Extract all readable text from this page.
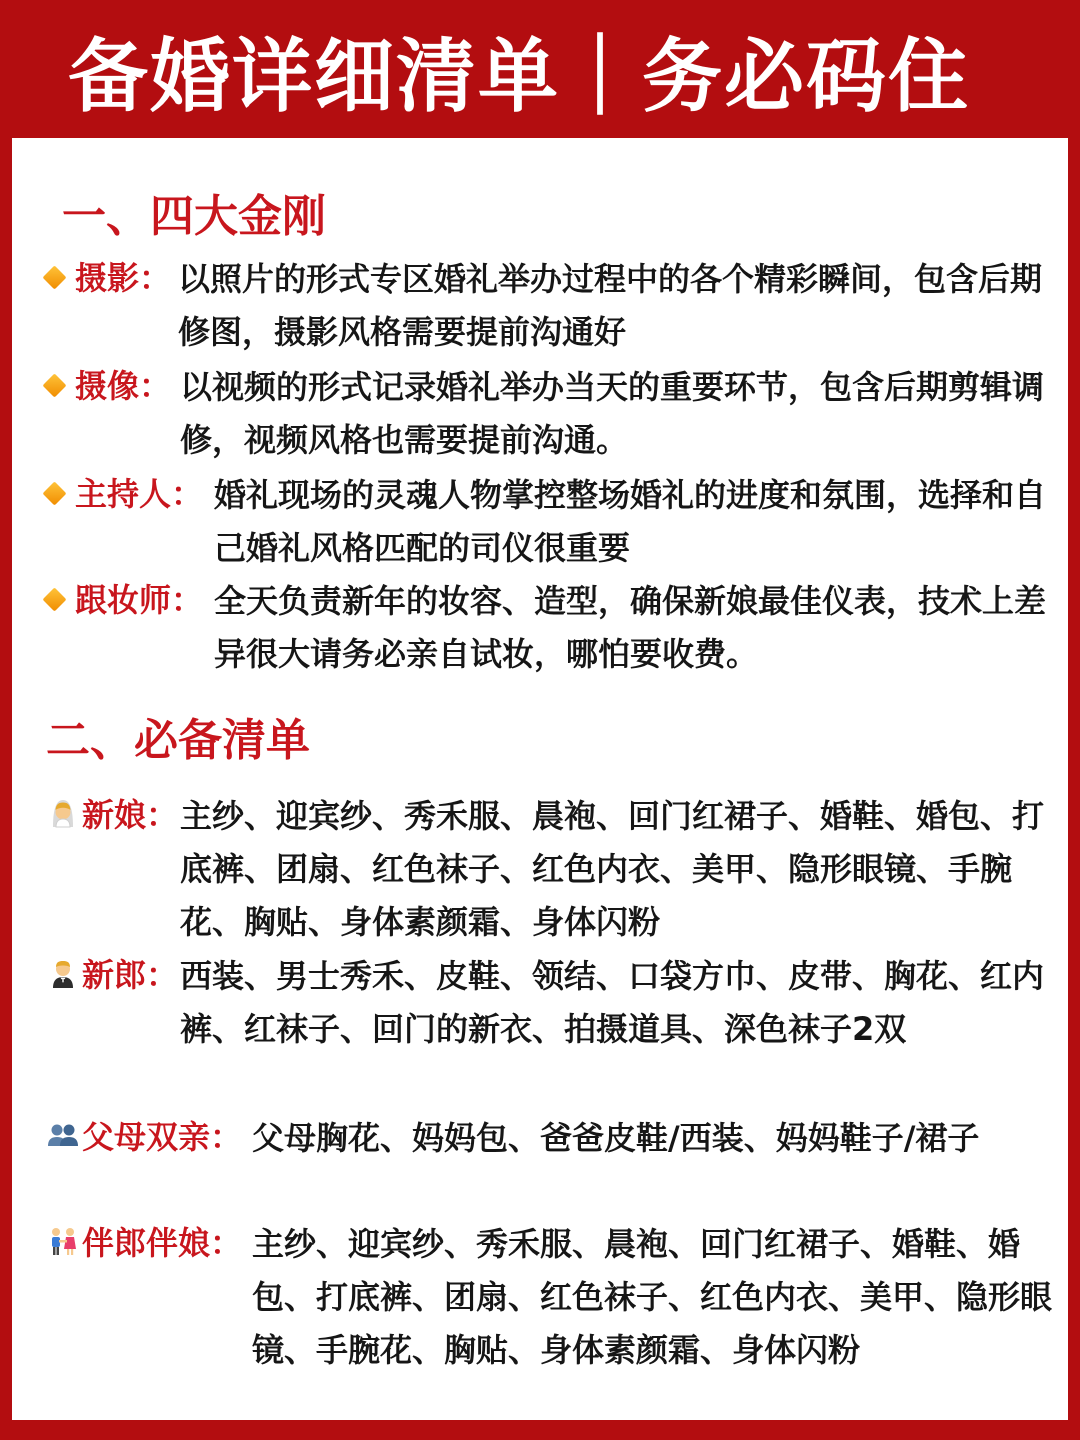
备婚详细清单｜务必码住
一、四大金刚
摄影： 以照片的形式专区婚礼举办过程中的各个精彩瞬间，包含后期修图，摄影风格需要提前沟通好
摄像： 以视频的形式记录婚礼举办当天的重要环节，包含后期剪辑调修，视频风格也需要提前沟通。
主持人： 婚礼现场的灵魂人物掌控整场婚礼的进度和氛围，选择和自己婚礼风格匹配的司仪很重要
跟妆师： 全天负责新年的妆容、造型，确保新娘最佳仪表，技术上差异很大请务必亲自试妆，哪怕要收费。
二、必备清单
新娘： 主纱、迎宾纱、秀禾服、晨袍、回门红裙子、婚鞋、婚包、打底裤、团扇、红色袜子、红色内衣、美甲、隐形眼镜、手腕花、胸贴、身体素颜霜、身体闪粉
新郎： 西装、男士秀禾、皮鞋、领结、口袋方巾、皮带、胸花、红内裤、红袜子、回门的新衣、拍摄道具、深色袜子2双
父母双亲： 父母胸花、妈妈包、爸爸皮鞋/西装、妈妈鞋子/裙子
伴郎伴娘： 主纱、迎宾纱、秀禾服、晨袍、回门红裙子、婚鞋、婚包、打底裤、团扇、红色袜子、红色内衣、美甲、隐形眼镜、手腕花、胸贴、身体素颜霜、身体闪粉
